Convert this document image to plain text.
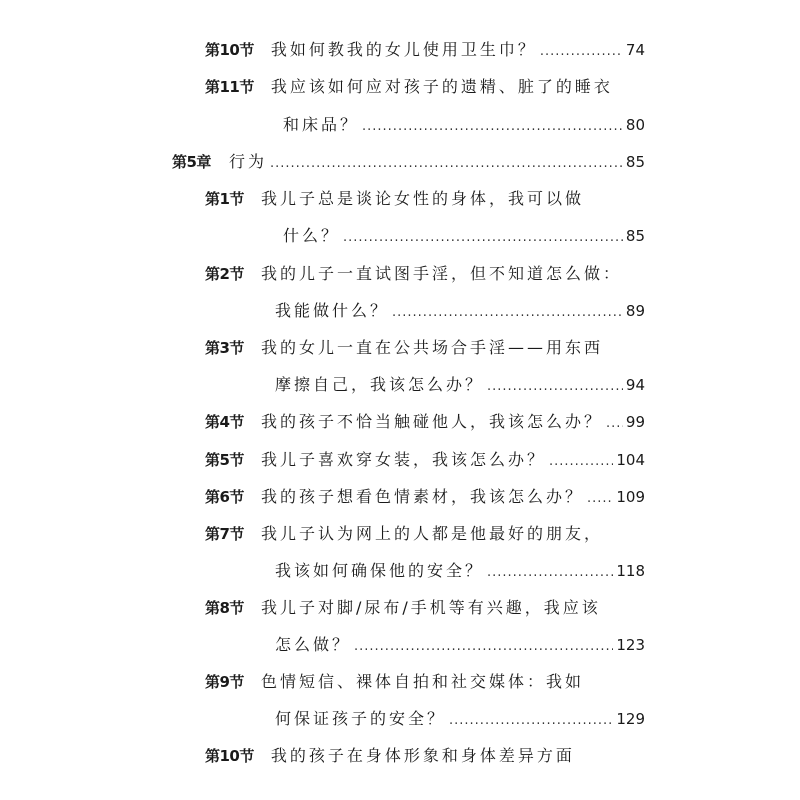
第10节 我如何教我的女儿使用卫生巾？ .....	74
第11节 我应该如何应对孩子的遗精、脏了的睡衣
和床品？ .....	80
第5章 行为 .....	85
第1节 我儿子总是谈论女性的身体，我可以做
什么？ .....	85
第2节 我的儿子一直试图手淫，但不知道怎么做：
我能做什么？ .....	89
第3节 我的女儿一直在公共场合手淫——用东西
摩擦自己，我该怎么办？ .....	94
第4节 我的孩子不恰当触碰他人，我该怎么办？ ..... 99
第5节 我儿子喜欢穿女装，我该怎么办？ .....	104
第6节 我的孩子想看色情素材，我该怎么办？ ..... 109
第7节 我儿子认为网上的人都是他最好的朋友，
我该如何确保他的安全？ .....	118
第8节 我儿子对脚/尿布/手机等有兴趣，我应该
怎么做？ .....	123
第9节 色情短信、裸体自拍和社交媒体：我如
何保证孩子的安全？ .....	129
第10节 我的孩子在身体形象和身体差异方面
